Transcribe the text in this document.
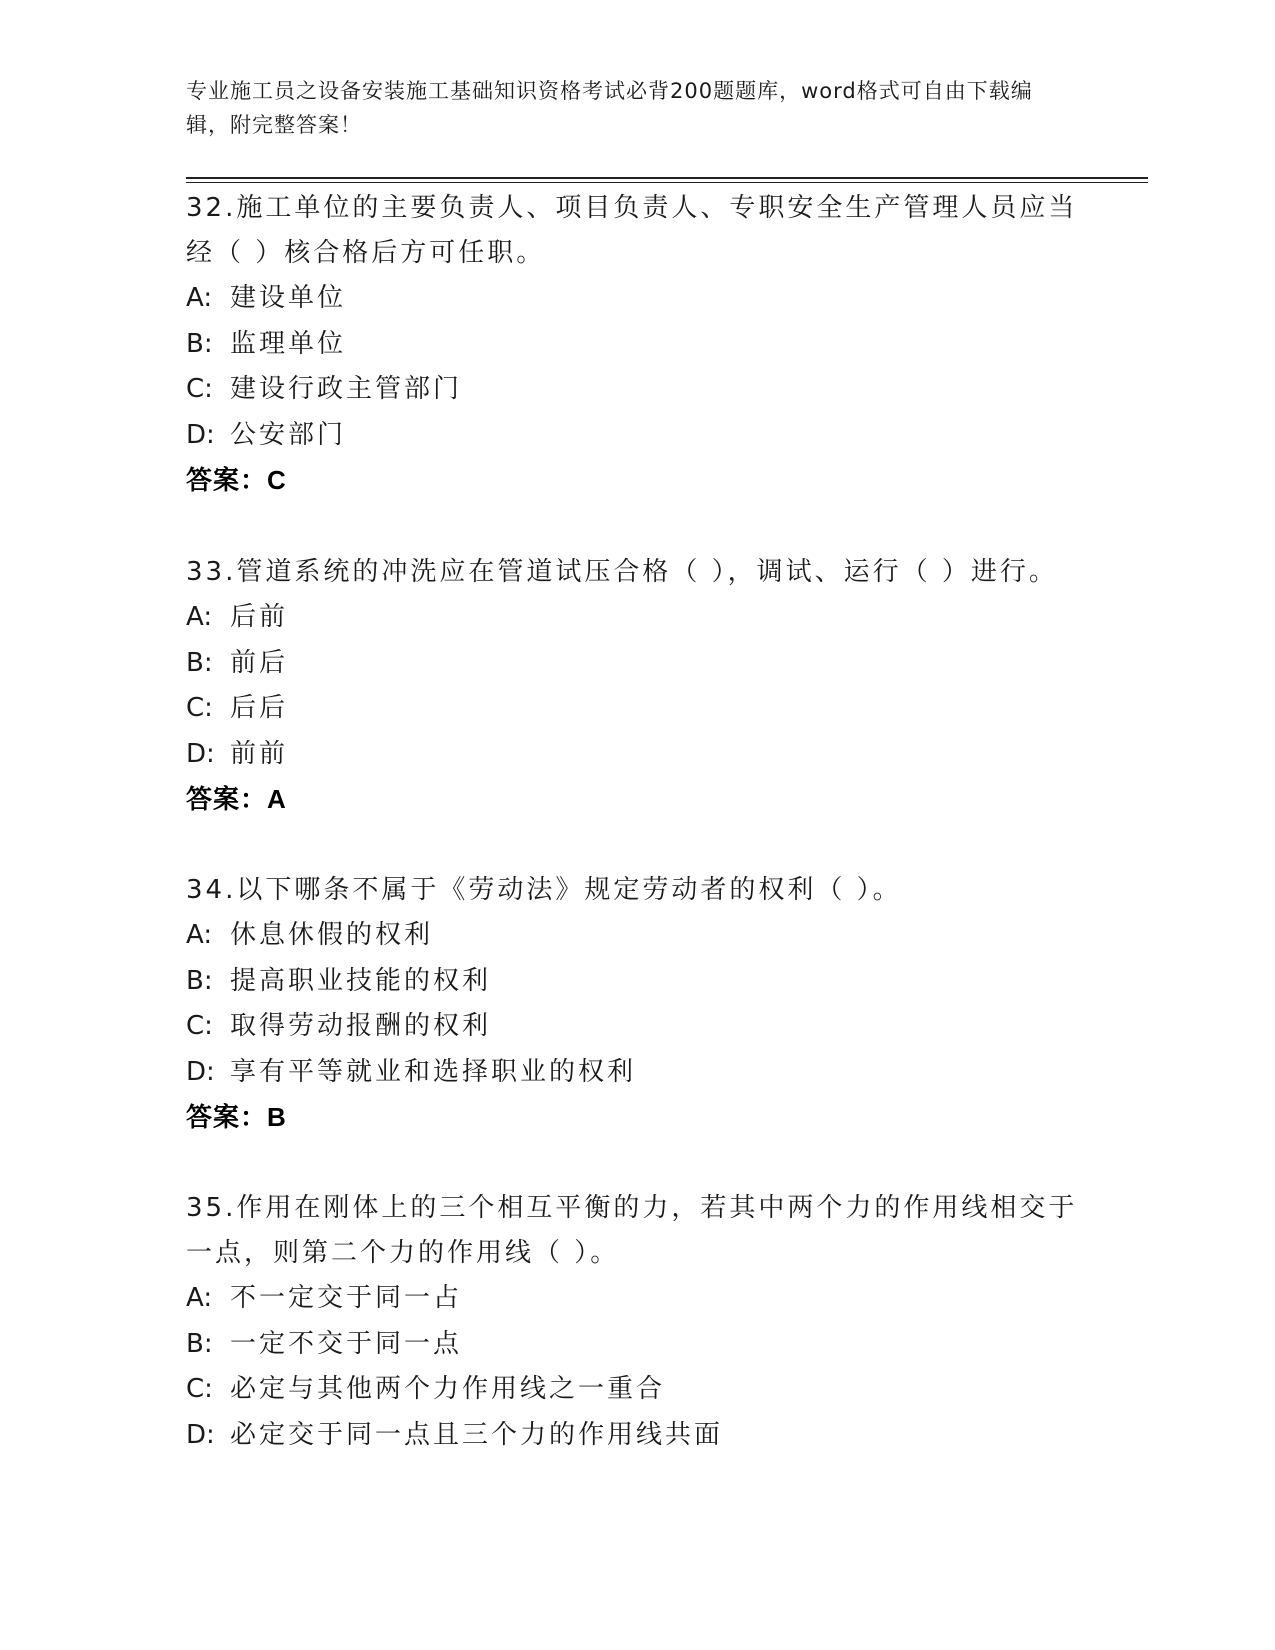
专业施工员之设备安装施工基础知识资格考试必背200题题库，word格式可自由下载编辑，附完整答案！
32.施工单位的主要负责人、项目负责人、专职安全生产管理人员应当经（ ）核合格后方可任职。
A: 建设单位
B: 监理单位
C: 建设行政主管部门
D: 公安部门
答案：C
33.管道系统的冲洗应在管道试压合格（ ），调试、运行（ ）进行。
A: 后前
B: 前后
C: 后后
D: 前前
答案：A
34.以下哪条不属于《劳动法》规定劳动者的权利（ ）。
A: 休息休假的权利
B: 提高职业技能的权利
C: 取得劳动报酬的权利
D: 享有平等就业和选择职业的权利
答案：B
35.作用在刚体上的三个相互平衡的力，若其中两个力的作用线相交于一点，则第二个力的作用线（ ）。
A: 不一定交于同一占
B: 一定不交于同一点
C: 必定与其他两个力作用线之一重合
D: 必定交于同一点且三个力的作用线共面
